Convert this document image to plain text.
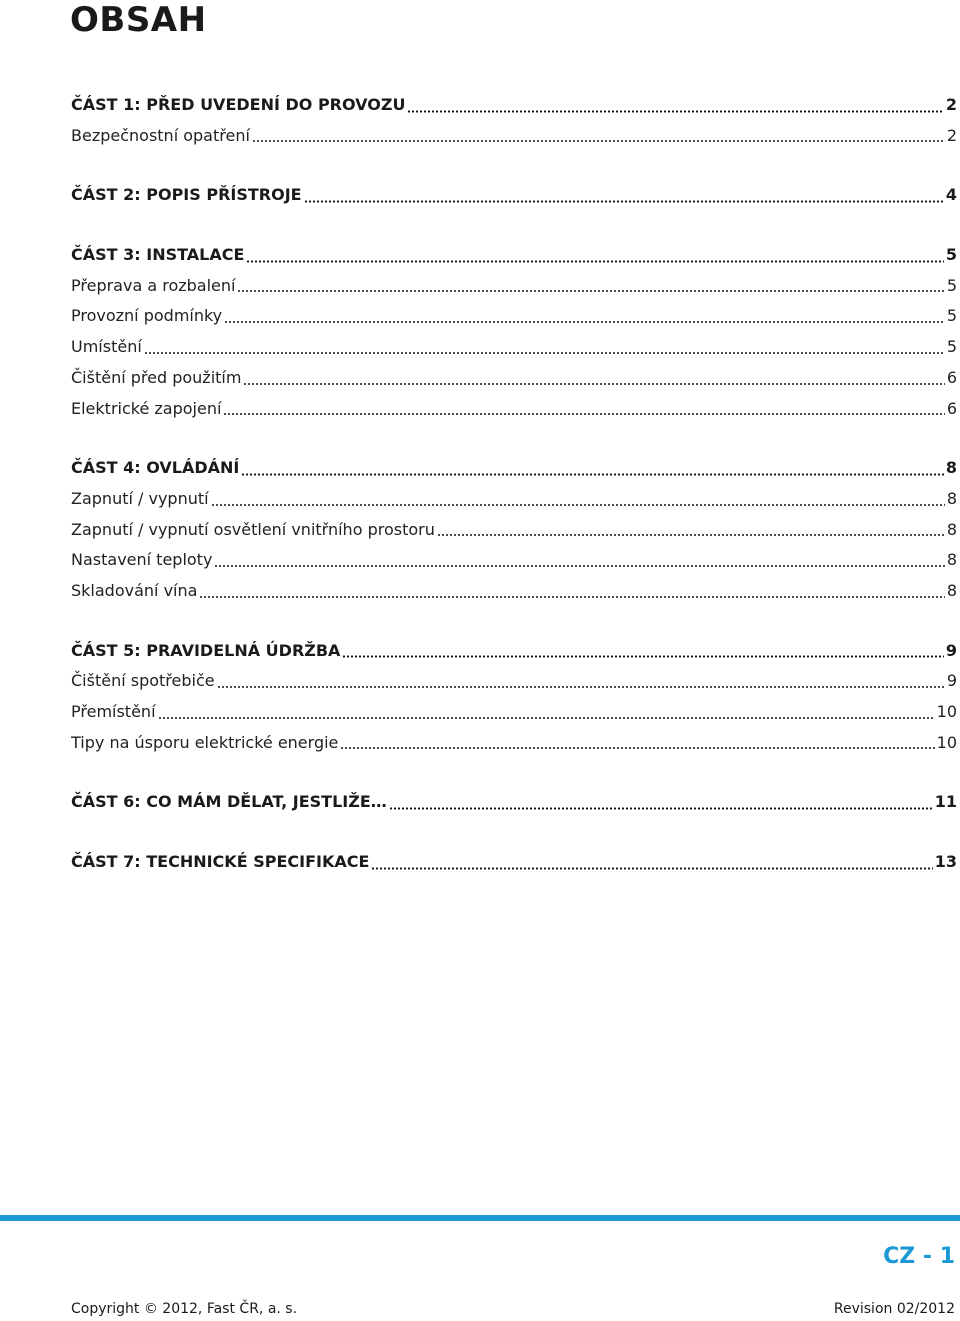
OBSAH
ČÁST 1: PŘED UVEDENÍ DO PROVOZU	2
Bezpečnostní opatření	2
ČÁST 2: POPIS PŘÍSTROJE	4
ČÁST 3: INSTALACE	5
Přeprava a rozbalení	5
Provozní podmínky	5
Umístění	5
Čištění před použitím	6
Elektrické zapojení	6
ČÁST 4: OVLÁDÁNÍ	8
Zapnutí / vypnutí	8
Zapnutí / vypnutí osvětlení vnitřního prostoru	8
Nastavení teploty	8
Skladování vína	8
ČÁST 5: PRAVIDELNÁ ÚDRŽBA	9
Čištění spotřebiče	9
Přemístění	10
Tipy na úsporu elektrické energie	10
ČÁST 6: CO MÁM DĚLAT, JESTLIŽE…	11
ČÁST 7: TECHNICKÉ SPECIFIKACE	13
CZ - 1
Copyright © 2012, Fast ČR, a. s.	Revision 02/2012
